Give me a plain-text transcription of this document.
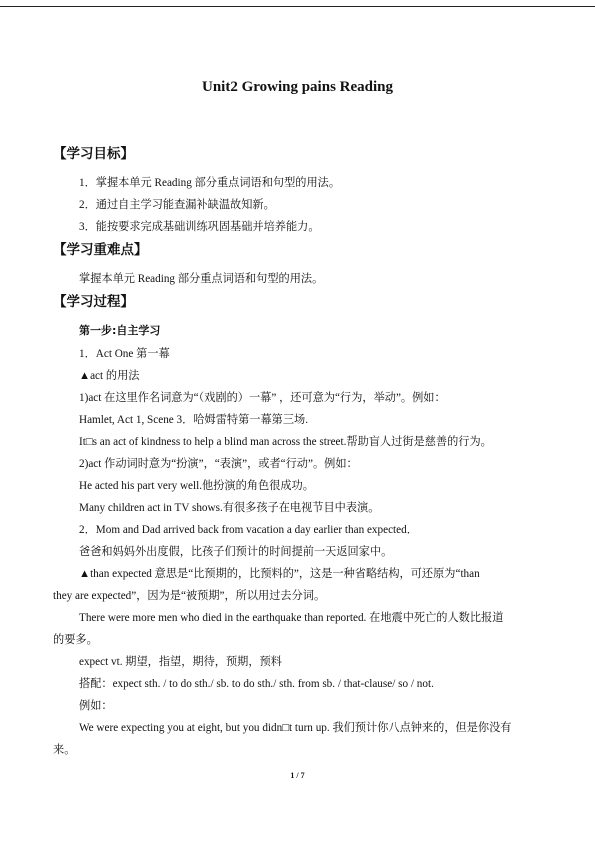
Unit2 Growing pains Reading
【学习目标】
1．掌握本单元 Reading 部分重点词语和句型的用法。
2．通过自主学习能查漏补缺温故知新。
3．能按要求完成基础训练巩固基础并培养能力。
【学习重难点】
掌握本单元 Reading 部分重点词语和句型的用法。
【学习过程】
第一步:自主学习
1．Act One 第一幕
▲act 的用法
1)act 在这里作名词意为“（戏剧的）一幕” ，还可意为“行为，举动”。例如：
Hamlet, Act 1, Scene 3．哈姆雷特第一幕第三场.
It□s an act of kindness to help a blind man across the street.帮助盲人过街是慈善的行为。
2)act 作动词时意为“扮演”，“表演”，或者“行动”。例如：
He acted his part very well.他扮演的角色很成功。
Many children act in TV shows.有很多孩子在电视节目中表演。
2．Mom and Dad arrived back from vacation a day earlier than expected．
爸爸和妈妈外出度假，比孩子们预计的时间提前一天返回家中。
▲than expected 意思是“比预期的，比预料的”，这是一种省略结构，可还原为“than
they are expected”，因为是“被预期”，所以用过去分词。
There were more men who died in the earthquake than reported. 在地震中死亡的人数比报道
的要多。
expect vt. 期望，指望，期待，预期，预料
搭配：expect sth. / to do sth./ sb. to do sth./ sth. from sb. / that-clause/ so / not.
例如：
We were expecting you at eight, but you didn□t turn up. 我们预计你八点钟来的，但是你没有
来。
1 / 7
